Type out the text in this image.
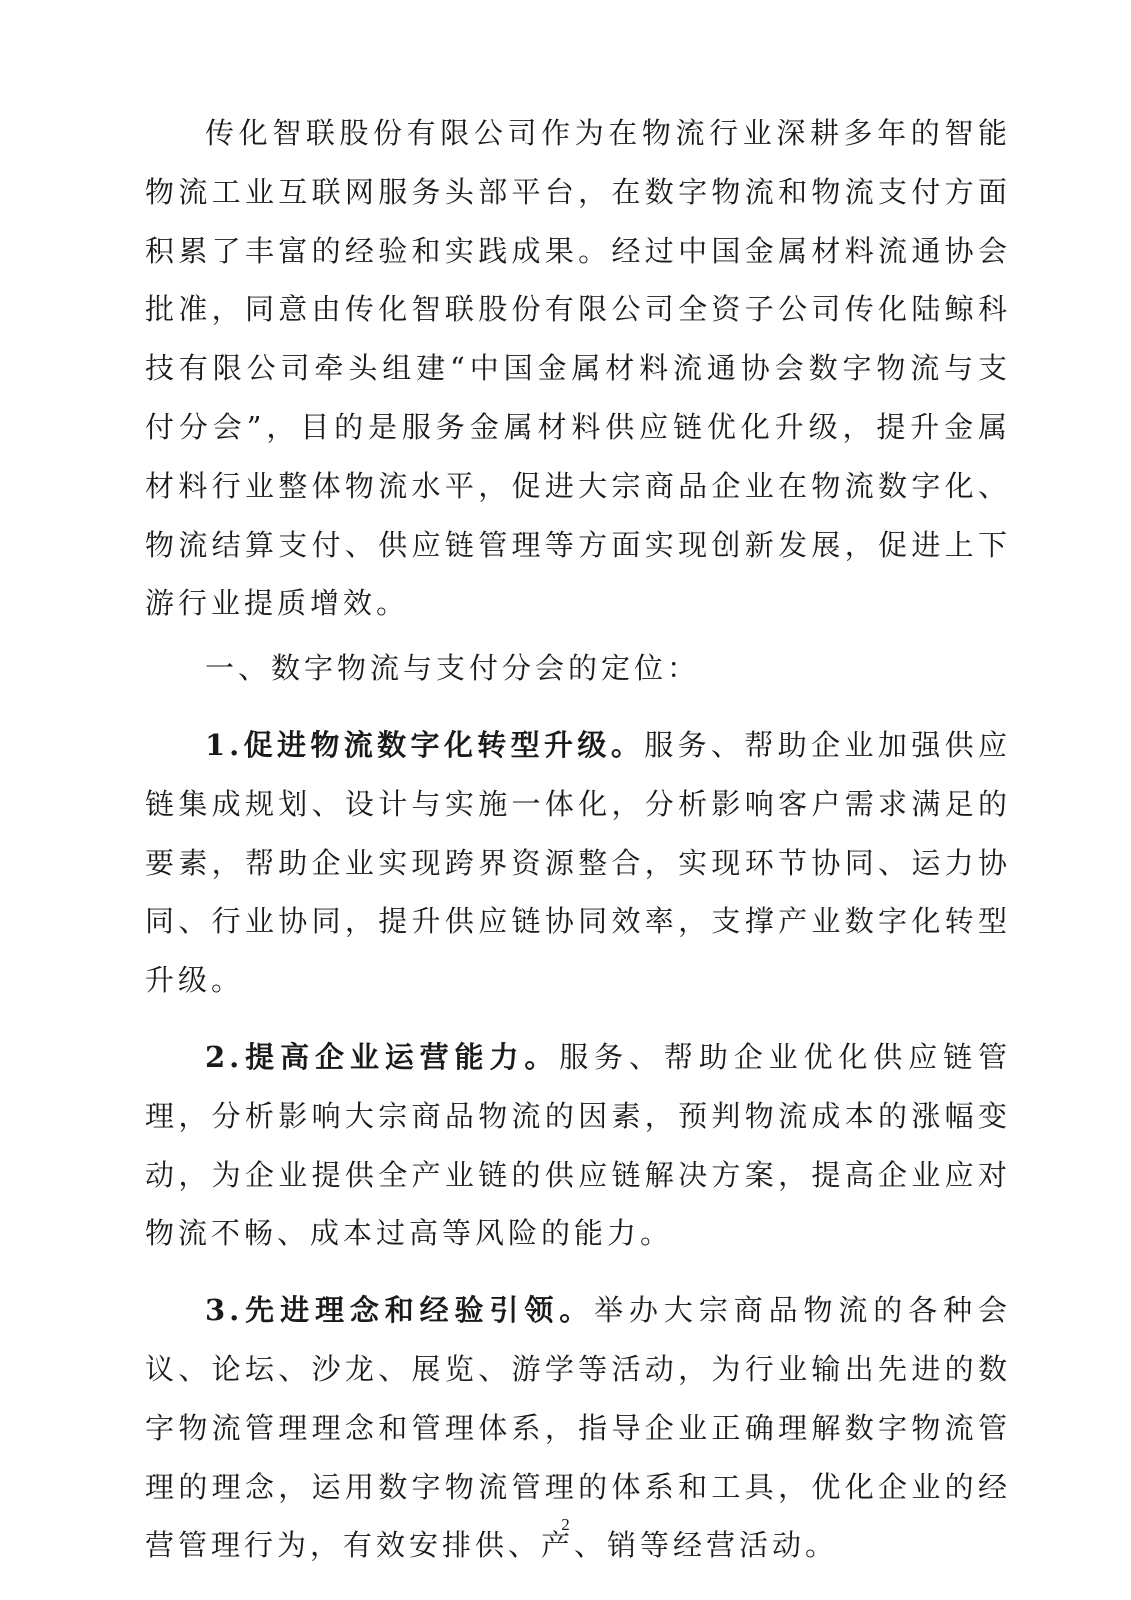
传化智联股份有限公司作为在物流行业深耕多年的智能物流工业互联网服务头部平台，在数字物流和物流支付方面积累了丰富的经验和实践成果。经过中国金属材料流通协会批准，同意由传化智联股份有限公司全资子公司传化陆鲸科技有限公司牵头组建“中国金属材料流通协会数字物流与支付分会”，目的是服务金属材料供应链优化升级，提升金属材料行业整体物流水平，促进大宗商品企业在物流数字化、物流结算支付、供应链管理等方面实现创新发展，促进上下游行业提质增效。

一、数字物流与支付分会的定位：

1.促进物流数字化转型升级。服务、帮助企业加强供应链集成规划、设计与实施一体化，分析影响客户需求满足的要素，帮助企业实现跨界资源整合，实现环节协同、运力协同、行业协同，提升供应链协同效率，支撑产业数字化转型升级。

2.提高企业运营能力。服务、帮助企业优化供应链管理，分析影响大宗商品物流的因素，预判物流成本的涨幅变动，为企业提供全产业链的供应链解决方案，提高企业应对物流不畅、成本过高等风险的能力。

3.先进理念和经验引领。举办大宗商品物流的各种会议、论坛、沙龙、展览、游学等活动，为行业输出先进的数字物流管理理念和管理体系，指导企业正确理解数字物流管理的理念，运用数字物流管理的体系和工具，优化企业的经营管理行为，有效安排供、产、销等经营活动。

2
